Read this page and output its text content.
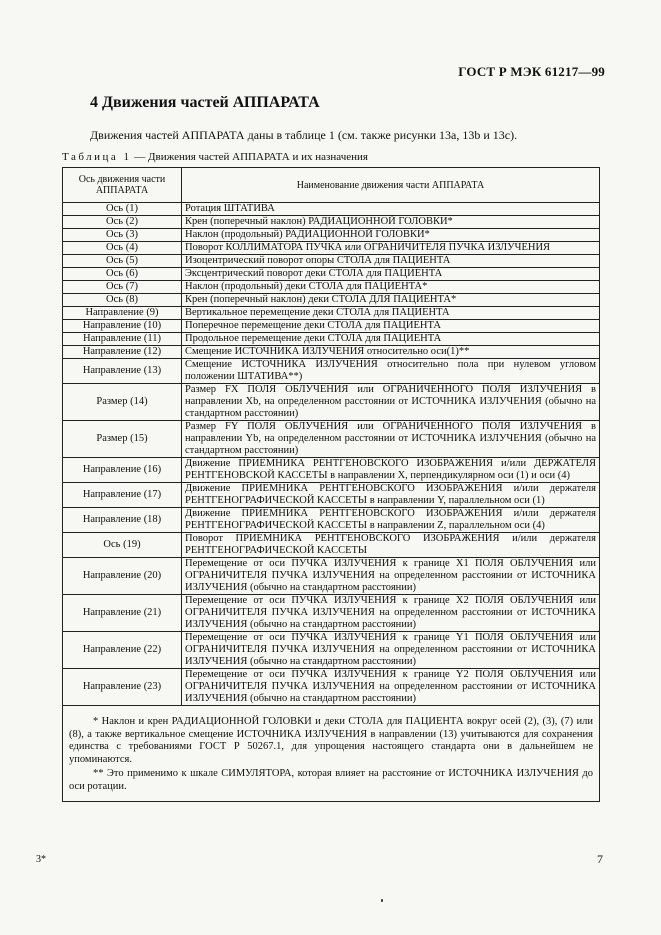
ГОСТ Р МЭК 61217—99
4 Движения частей АППАРАТА
Движения частей АППАРАТА даны в таблице 1 (см. также рисунки 13а, 13b и 13с).
Таблица 1 — Движения частей АППАРАТА и их назначения
Ось движения части АППАРАТА	Наименование движения части АППАРАТА
Ось (1)	Ротация ШТАТИВА
Ось (2)	Крен (поперечный наклон) РАДИАЦИОННОЙ ГОЛОВКИ*
Ось (3)	Наклон (продольный) РАДИАЦИОННОЙ ГОЛОВКИ*
Ось (4)	Поворот КОЛЛИМАТОРА ПУЧКА или ОГРАНИЧИТЕЛЯ ПУЧКА ИЗЛУЧЕНИЯ
Ось (5)	Изоцентрический поворот опоры СТОЛА для ПАЦИЕНТА
Ось (6)	Эксцентрический поворот деки СТОЛА для ПАЦИЕНТА
Ось (7)	Наклон (продольный) деки СТОЛА для ПАЦИЕНТА*
Ось (8)	Крен (поперечный наклон) деки СТОЛА ДЛЯ ПАЦИЕНТА*
Направление (9)	Вертикальное перемещение деки СТОЛА для ПАЦИЕНТА
Направление (10)	Поперечное перемещение деки СТОЛА для ПАЦИЕНТА
Направление (11)	Продольное перемещение деки СТОЛА для ПАЦИЕНТА
Направление (12)	Смещение ИСТОЧНИКА ИЗЛУЧЕНИЯ относительно оси(1)**
Направление (13)	Смещение ИСТОЧНИКА ИЗЛУЧЕНИЯ относительно пола при нулевом угловом положении ШТАТИВА**)
Размер (14)	Размер FX ПОЛЯ ОБЛУЧЕНИЯ или ОГРАНИЧЕННОГО ПОЛЯ ИЗЛУЧЕНИЯ в направлении Xb, на определенном расстоянии от ИСТОЧНИКА ИЗЛУЧЕНИЯ (обычно на стандартном расстоянии)
Размер (15)	Размер FY ПОЛЯ ОБЛУЧЕНИЯ или ОГРАНИЧЕННОГО ПОЛЯ ИЗЛУЧЕНИЯ в направлении Yb, на определенном расстоянии от ИСТОЧНИКА ИЗЛУЧЕНИЯ (обычно на стандартном расстоянии)
Направление (16)	Движение ПРИЕМНИКА РЕНТГЕНОВСКОГО ИЗОБРАЖЕНИЯ и/или ДЕРЖАТЕЛЯ РЕНТГЕНОВСКОЙ КАССЕТЫ в направлении X, перпендикулярном оси (1) и оси (4)
Направление (17)	Движение ПРИЕМНИКА РЕНТГЕНОВСКОГО ИЗОБРАЖЕНИЯ и/или держателя РЕНТГЕНОГРАФИЧЕСКОЙ КАССЕТЫ в направлении Y, параллельном оси (1)
Направление (18)	Движение ПРИЕМНИКА РЕНТГЕНОВСКОГО ИЗОБРАЖЕНИЯ и/или держателя РЕНТГЕНОГРАФИЧЕСКОЙ КАССЕТЫ в направлении Z, параллельном оси (4)
Ось (19)	Поворот ПРИЕМНИКА РЕНТГЕНОВСКОГО ИЗОБРАЖЕНИЯ и/или держателя РЕНТГЕНОГРАФИЧЕСКОЙ КАССЕТЫ
Направление (20)	Перемещение от оси ПУЧКА ИЗЛУЧЕНИЯ к границе X1 ПОЛЯ ОБЛУЧЕНИЯ или ОГРАНИЧИТЕЛЯ ПУЧКА ИЗЛУЧЕНИЯ на определенном расстоянии от ИСТОЧНИКА ИЗЛУЧЕНИЯ (обычно на стандартном расстоянии)
Направление (21)	Перемещение от оси ПУЧКА ИЗЛУЧЕНИЯ к границе X2 ПОЛЯ ОБЛУЧЕНИЯ или ОГРАНИЧИТЕЛЯ ПУЧКА ИЗЛУЧЕНИЯ на определенном расстоянии от ИСТОЧНИКА ИЗЛУЧЕНИЯ (обычно на стандартном расстоянии)
Направление (22)	Перемещение от оси ПУЧКА ИЗЛУЧЕНИЯ к границе Y1 ПОЛЯ ОБЛУЧЕНИЯ или ОГРАНИЧИТЕЛЯ ПУЧКА ИЗЛУЧЕНИЯ на определенном расстоянии от ИСТОЧНИКА ИЗЛУЧЕНИЯ (обычно на стандартном расстоянии)
Направление (23)	Перемещение от оси ПУЧКА ИЗЛУЧЕНИЯ к границе Y2 ПОЛЯ ОБЛУЧЕНИЯ или ОГРАНИЧИТЕЛЯ ПУЧКА ИЗЛУЧЕНИЯ на определенном расстоянии от ИСТОЧНИКА ИЗЛУЧЕНИЯ (обычно на стандартном расстоянии)

* Наклон и крен РАДИАЦИОННОЙ ГОЛОВКИ и деки СТОЛА для ПАЦИЕНТА вокруг осей (2), (3), (7) или (8), а также вертикальное смещение ИСТОЧНИКА ИЗЛУЧЕНИЯ в направлении (13) учитываются для сохранения единства с требованиями ГОСТ Р 50267.1, для упрощения настоящего стандарта они в дальнейшем не упоминаются.

** Это применимо к шкале СИМУЛЯТОРА, которая влияет на расстояние от ИСТОЧНИКА ИЗЛУЧЕНИЯ до оси ротации.	

3*	7
